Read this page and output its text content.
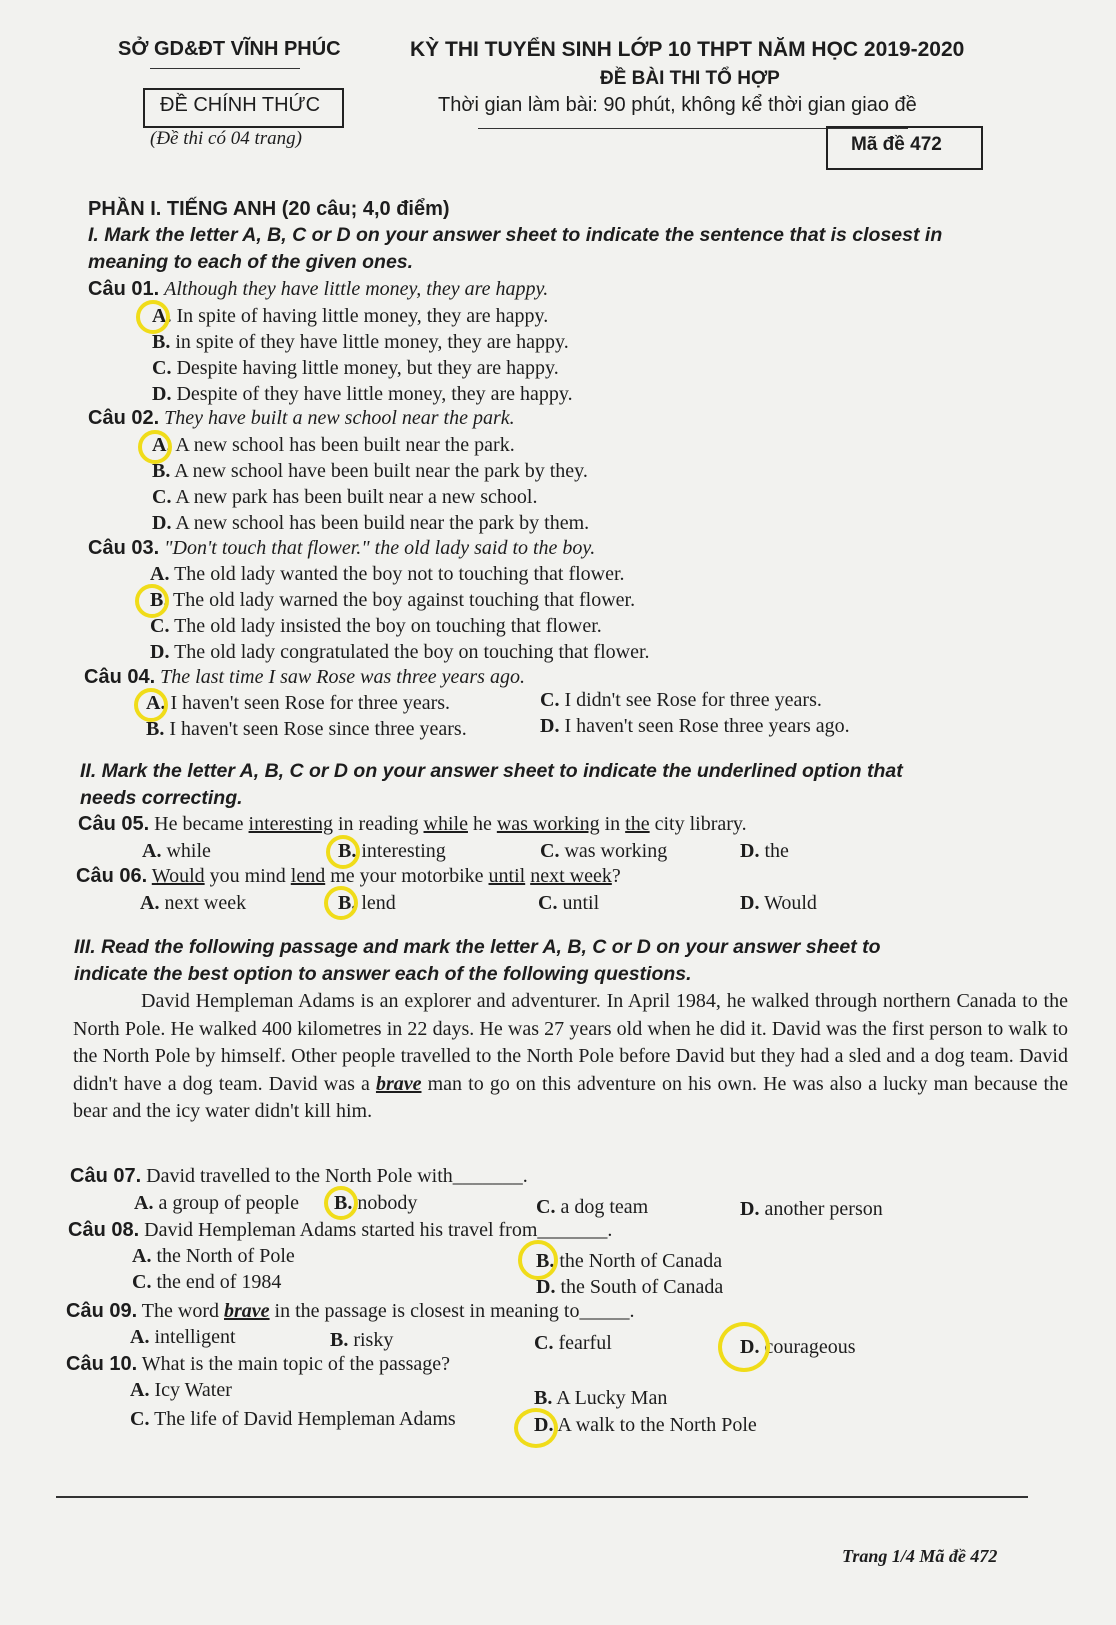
SỞ GD&ĐT VĨNH PHÚC
ĐỀ CHÍNH THỨC
(Đề thi có 04 trang)
KỲ THI TUYỂN SINH LỚP 10 THPT NĂM HỌC 2019-2020
ĐỀ BÀI THI TỔ HỢP
Thời gian làm bài: 90 phút, không kể thời gian giao đề
Mã đề 472
PHẦN I. TIẾNG ANH (20 câu; 4,0 điểm)
I. Mark the letter A, B, C or D on your answer sheet to indicate the sentence that is closest in
meaning to each of the given ones.
Câu 01. Although they have little money, they are happy.
A. In spite of having little money, they are happy.
B. in spite of they have little money, they are happy.
C. Despite having little money, but they are happy.
D. Despite of they have little money, they are happy.
Câu 02. They have built a new school near the park.
A. A new school has been built near the park.
B. A new school have been built near the park by they.
C. A new park has been built near a new school.
D. A new school has been build near the park by them.
Câu 03. "Don't touch that flower." the old lady said to the boy.
A. The old lady wanted the boy not to touching that flower.
B. The old lady warned the boy against touching that flower.
C. The old lady insisted the boy on touching that flower.
D. The old lady congratulated the boy on touching that flower.
Câu 04. The last time I saw Rose was three years ago.
A. I haven't seen Rose for three years.	C. I didn't see Rose for three years.
B. I haven't seen Rose since three years.	D. I haven't seen Rose three years ago.
II. Mark the letter A, B, C or D on your answer sheet to indicate the underlined option that
needs correcting.
Câu 05. He became interesting in reading while he was working in the city library.
A. while	B. interesting	C. was working	D. the
Câu 06. Would you mind lend me your motorbike until next week?
A. next week	B. lend	C. until	D. Would
III. Read the following passage and mark the letter A, B, C or D on your answer sheet to
indicate the best option to answer each of the following questions.
David Hempleman Adams is an explorer and adventurer. In April 1984, he walked through northern Canada to the North Pole. He walked 400 kilometres in 22 days. He was 27 years old when he did it. David was the first person to walk to the North Pole by himself. Other people travelled to the North Pole before David but they had a sled and a dog team. David didn't have a dog team. David was a brave man to go on this adventure on his own. He was also a lucky man because the bear and the icy water didn't kill him.
Câu 07. David travelled to the North Pole with_______.
A. a group of people B. nobody	C. a dog team	D. another person
Câu 08. David Hempleman Adams started his travel from_______.
A. the North of Pole	B. the North of Canada
C. the end of 1984	D. the South of Canada
Câu 09. The word brave in the passage is closest in meaning to_____.
A. intelligent	B. risky	C. fearful	D. courageous
Câu 10. What is the main topic of the passage?
A. Icy Water	B. A Lucky Man
C. The life of David Hempleman Adams	D. A walk to the North Pole
Trang 1/4 Mã đề 472
